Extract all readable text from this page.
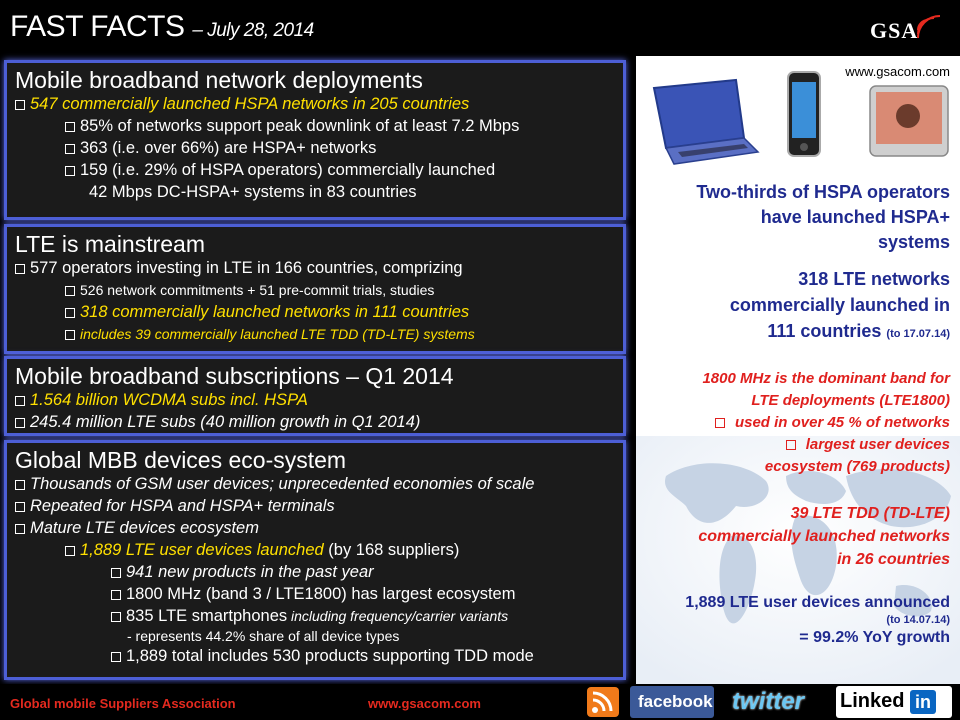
FAST FACTS – July 28, 2014	GSA
Mobile broadband network deployments
547 commercially launched HSPA networks in 205 countries
85% of networks support peak downlink of at least 7.2 Mbps
363 (i.e. over 66%) are HSPA+ networks
159 (i.e. 29% of HSPA operators) commercially launched
42 Mbps DC-HSPA+ systems in 83 countries
LTE is mainstream
577 operators investing in LTE in 166 countries, comprizing
526 network commitments + 51 pre-commit trials, studies
318 commercially launched networks in 111 countries
includes 39 commercially launched LTE TDD (TD-LTE) systems
Mobile broadband subscriptions – Q1 2014
1.564 billion WCDMA subs incl. HSPA
245.4 million LTE subs (40 million growth in Q1 2014)
Global MBB devices eco-system
Thousands of GSM user devices; unprecedented economies of scale
Repeated for HSPA and HSPA+ terminals
Mature LTE devices ecosystem
1,889 LTE user devices launched (by 168 suppliers)
941 new products in the past year
1800 MHz (band 3 / LTE1800) has largest ecosystem
835 LTE smartphones including frequency/carrier variants
- represents 44.2% share of all device types
1,889 total includes 530 products supporting TDD mode
www.gsacom.com
Two-thirds of HSPA operators
have launched HSPA+
systems
318 LTE networks
commercially launched in
111 countries (to 17.07.14)
1800 MHz is the dominant band for
LTE deployments (LTE1800)
used in over 45 % of networks
largest user devices
ecosystem (769 products)
39 LTE TDD (TD-LTE)
commercially launched networks
in 26 countries
1,889 LTE user devices announced
(to 14.07.14)
= 99.2% YoY growth
Global mobile Suppliers Association	www.gsacom.com	facebook twitter Linked in
